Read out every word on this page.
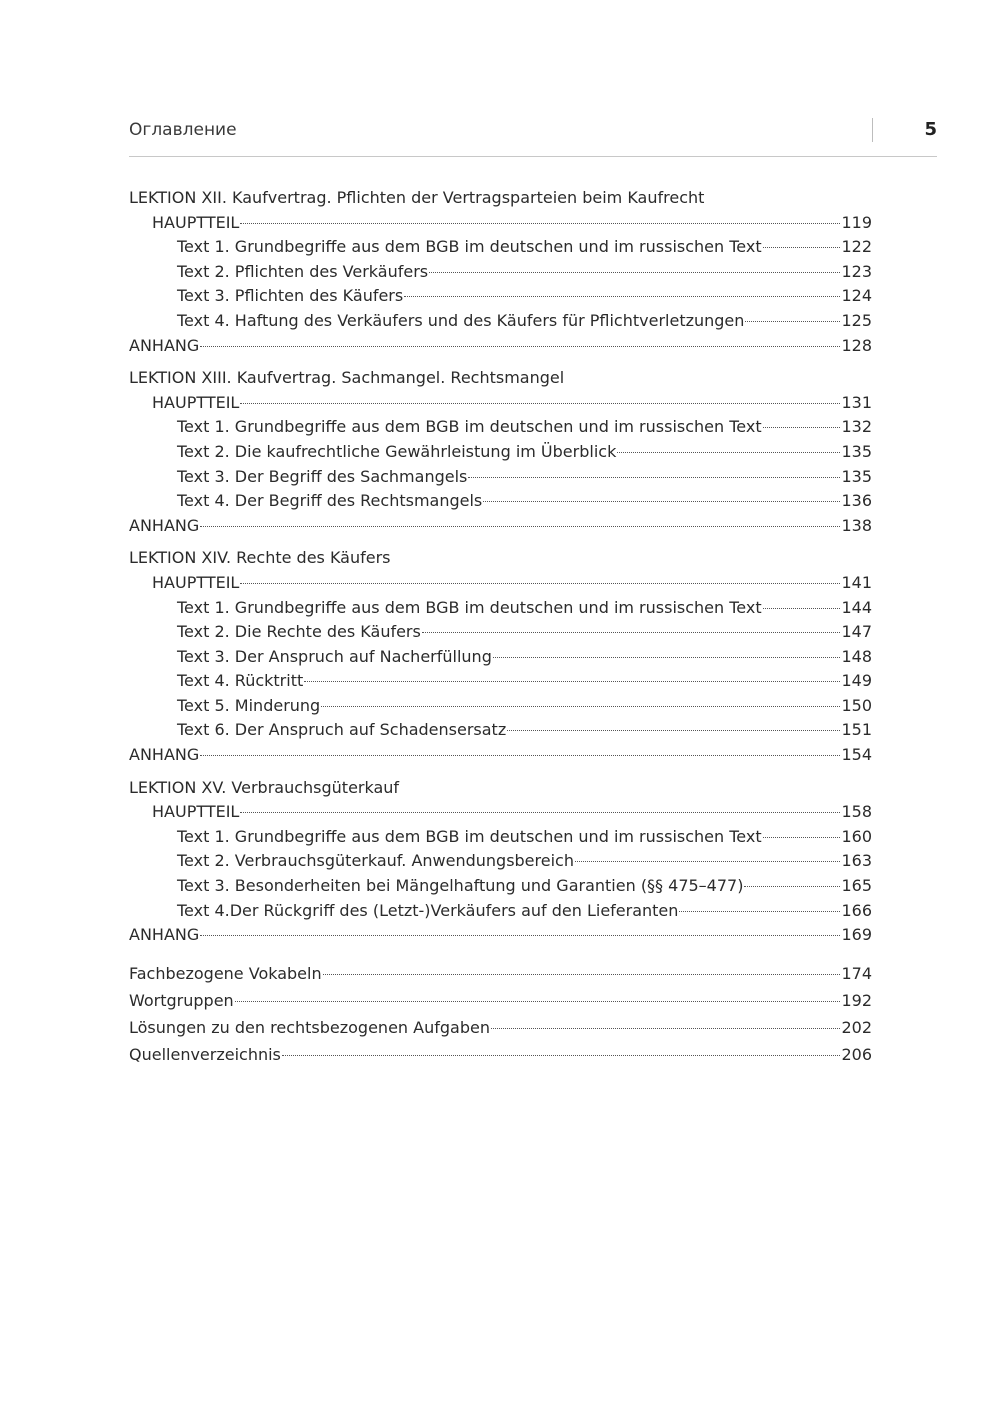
Оглавление	5
LEKTION XII. Kaufvertrag. Pflichten der Vertragsparteien beim Kaufrecht
HAUPTTEIL	119
Text 1. Grundbegriffe aus dem BGB im deutschen und im russischen Text	122
Text 2. Pflichten des Verkäufers	123
Text 3. Pflichten des Käufers	124
Text 4. Haftung des Verkäufers und des Käufers für Pflichtverletzungen	125
ANHANG	128
LEKTION XIII. Kaufvertrag. Sachmangel. Rechtsmangel
HAUPTTEIL	131
Text 1. Grundbegriffe aus dem BGB im deutschen und im russischen Text	132
Text 2. Die kaufrechtliche Gewährleistung im Überblick	135
Text 3. Der Begriff des Sachmangels	135
Text 4. Der Begriff des Rechtsmangels	136
ANHANG	138
LEKTION XIV. Rechte des Käufers
HAUPTTEIL	141
Text 1. Grundbegriffe aus dem BGB im deutschen und im russischen Text	144
Text 2. Die Rechte des Käufers	147
Text 3. Der Anspruch auf Nacherfüllung	148
Text 4. Rücktritt	149
Text 5. Minderung	150
Text 6. Der Anspruch auf Schadensersatz	151
ANHANG	154
LEKTION XV. Verbrauchsgüterkauf
HAUPTTEIL	158
Text 1. Grundbegriffe aus dem BGB im deutschen und im russischen Text	160
Text 2. Verbrauchsgüterkauf. Anwendungsbereich	163
Text 3. Besonderheiten bei Mängelhaftung und Garantien (§§ 475–477)	165
Text 4.Der Rückgriff des (Letzt-)Verkäufers auf den Lieferanten	166
ANHANG	169
Fachbezogene Vokabeln	174
Wortgruppen	192
Lösungen zu den rechtsbezogenen Aufgaben	202
Quellenverzeichnis	206
